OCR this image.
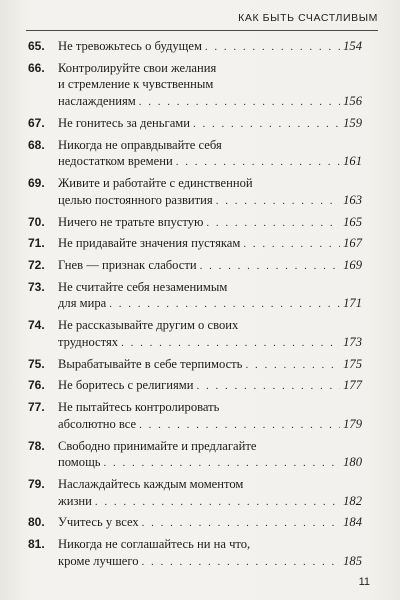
КАК БЫТЬ СЧАСТЛИВЫМ
65.	Не тревожьтесь о будущем . . .	154
66.	Контролируйте свои желания
и стремление к чувственным
наслаждениям . . .	156
67.	Не гонитесь за деньгами . . .	159
68.	Никогда не оправдывайте себя
недостатком времени . . .	161
69.	Живите и работайте с единственной
целью постоянного развития . . .	163
70.	Ничего не тратьте впустую . . .	165
71.	Не придавайте значения пустякам . . .	167
72.	Гнев — признак слабости . . .	169
73.	Не считайте себя незаменимым
для мира . . .	171
74.	Не рассказывайте другим о своих
трудностях . . .	173
75.	Вырабатывайте в себе терпимость . . .	175
76.	Не боритесь с религиями . . .	177
77.	Не пытайтесь контролировать
абсолютно все . . .	179
78.	Свободно принимайте и предлагайте
помощь . . .	180
79.	Наслаждайтесь каждым моментом
жизни . . .	182
80.	Учитесь у всех . . .	184
81.	Никогда не соглашайтесь ни на что,
кроме лучшего . . .	185
11
